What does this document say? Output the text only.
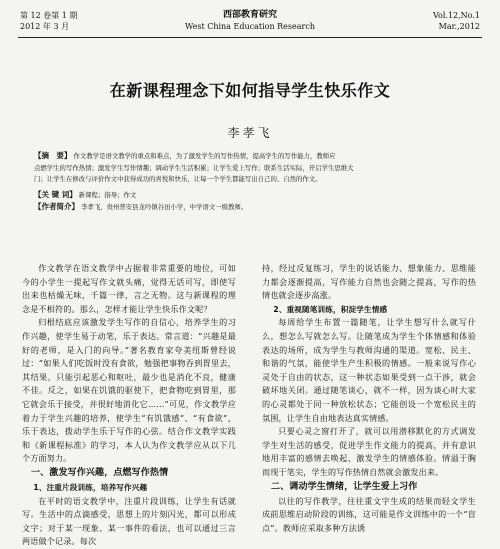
第 12 卷第 1 期
2012 年 3 月
西部教育研究
West China Education Research
Vol.12,No.1
Mar.,2012
在新课程理念下如何指导学生快乐作文
李孝飞

【摘　要】 作文教学是语文教学的重点和难点，为了激发学生的写作热情，提高学生的写作能力，教师应

点燃学生的写作热情；激发学生写作情趣；调动学生生活积累；让学生爱上写作；联系生活实际，开启学生思维大

门；让学生在修改与评价作文中获得成功的喜悦和快乐，让每一个学生都能写出自己的、自然的作文。

【关 键 词】 新课程；指导；作文

【作者简介】 李孝飞，贵州普安县龙吟镇谷田小学，中学语文一级教师。

作文教学在语文教学中占据着非常重要的地位，可如今的小学生一提起写作文就头痛，觉得无话可写，即使写出来也枯燥无味，千篇一律，言之无物。这与新课程的理念是不相符的。那么，怎样才能让学生快乐作文呢？

归根结底应该激发学生写作的自信心，培养学生的习作兴趣，使学生易于动笔，乐于表达。常言道：“兴趣是最好的老师，是入门的向导。”著名教育家夸美纽斯曾经说过：“如果人们吃饭时没有食欲，勉强把事物吞到胃里去，其结果，只能引起恶心和呕吐，最少也是消化不良，健康不佳。反之，如果在饥饿的驱使下，把食物吃到胃里，那它就会乐于接受，并很好地消化它……”可见，作文教学应着力于学生兴趣的培养，使学生“有饥饿感”、“有食欲”，乐于表达，拨动学生乐于写作的心弦。结合作文教学实践和《新课程标准》的学习，本人认为作文教学应从以下几个方面努力。

一、激发写作兴趣，点燃写作热情
1、注重片段训练，培养写作兴趣

在平时的语文教学中，注重片段训练，让学生有话就写。生活中的点滴感受，思想上的片刻闪光，都可以形成文字；对于某一现象、某一事件的看法，也可以通过三言两语做个记录。每次

持，经过反复练习，学生的说话能力、想象能力、思维能力都会逐渐提高，写作能力自然也会随之提高，写作的热情也就会逐步高涨。

2、重视随笔训练，积淀学生情感

每周给学生布置一篇随笔，让学生想写什么就写什么，想怎么写就怎么写。让随笔成为学生个体情感和体验表达的场所，成为学生与教师沟通的渠道。宽松、民主、和谐的气氛，能使学生产生积极的情感。一般来说写作心灵处于自由的状态，这一种状态如果受到一点干涉，就会破坏地关闭。通过随笔谈心，就不一样，因为谈心时大家的心灵都处于同一种放松状态；它能创设一个宽松民主的氛围，让学生自由地表达真实情感。

只要心灵之窗打开了，就可以用潜移默化的方式调发学生对生活的感受，促进学生作文能力的提高，并有意识地用丰富的感情去唤起、激发学生的情感体验。情溢于胸而现于笔尖，学生的写作热情自然就会激发出来。

二、调动学生情绪，让学生爱上习作

以往的写作教学，往往重文字生成的结果而轻文学生成前思维启动阶段的训练，这可能是作文训练中的一个“盲点”。教师应采取多种方法诱
